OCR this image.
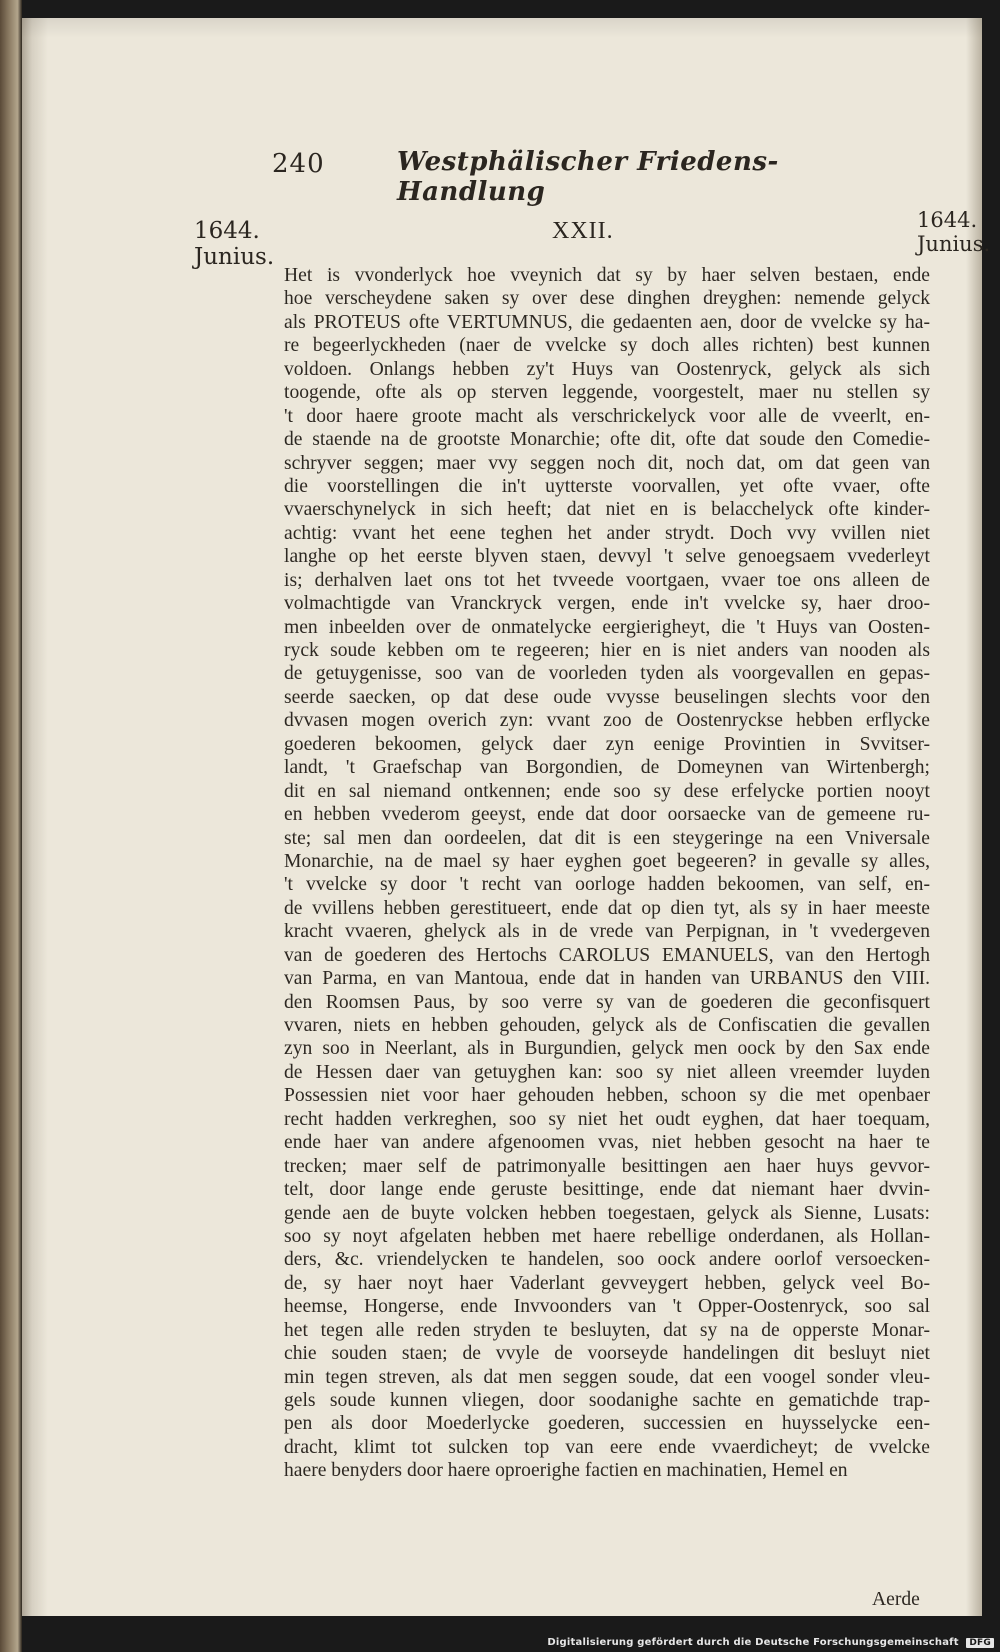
240	Westphälischer Friedens-Handlung
1644.
Junius.
XXII.	1644.
Junius.
Het is vvonderlyck hoe vveynich dat sy by haer selven bestaen, ende
hoe verscheydene saken sy over dese dinghen dreyghen: nemende gelyck
als PROTEUS ofte VERTUMNUS, die gedaenten aen, door de vvelcke sy ha-
re begeerlyckheden (naer de vvelcke sy doch alles richten) best kunnen
voldoen. Onlangs hebben zy't Huys van Oostenryck, gelyck als sich
toogende, ofte als op sterven leggende, voorgestelt, maer nu stellen sy
't door haere groote macht als verschrickelyck voor alle de vveerlt, en-
de staende na de grootste Monarchie; ofte dit, ofte dat soude den Comedie-
schryver seggen; maer vvy seggen noch dit, noch dat, om dat geen van
die voorstellingen die in't uytterste voorvallen, yet ofte vvaer, ofte
vvaerschynelyck in sich heeft; dat niet en is belacchelyck ofte kinder-
achtig: vvant het eene teghen het ander strydt. Doch vvy vvillen niet
langhe op het eerste blyven staen, devvyl 't selve genoegsaem vvederleyt
is; derhalven laet ons tot het tvveede voortgaen, vvaer toe ons alleen de
volmachtigde van Vranckryck vergen, ende in't vvelcke sy, haer droo-
men inbeelden over de onmatelycke eergierigheyt, die 't Huys van Oosten-
ryck soude kebben om te regeeren; hier en is niet anders van nooden als
de getuygenisse, soo van de voorleden tyden als voorgevallen en gepas-
seerde saecken, op dat dese oude vvysse beuselingen slechts voor den
dvvasen mogen overich zyn: vvant zoo de Oostenryckse hebben erflycke
goederen bekoomen, gelyck daer zyn eenige Provintien in Svvitser-
landt, 't Graefschap van Borgondien, de Domeynen van Wirtenbergh;
dit en sal niemand ontkennen; ende soo sy dese erfelycke portien nooyt
en hebben vvederom geeyst, ende dat door oorsaecke van de gemeene ru-
ste; sal men dan oordeelen, dat dit is een steygeringe na een Vniversale
Monarchie, na de mael sy haer eyghen goet begeeren? in gevalle sy alles,
't vvelcke sy door 't recht van oorloge hadden bekoomen, van self, en-
de vvillens hebben gerestitueert, ende dat op dien tyt, als sy in haer meeste
kracht vvaeren, ghelyck als in de vrede van Perpignan, in 't vvedergeven
van de goederen des Hertochs CAROLUS EMANUELS, van den Hertogh
van Parma, en van Mantoua, ende dat in handen van URBANUS den VIII.
den Roomsen Paus, by soo verre sy van de goederen die geconfisquert
vvaren, niets en hebben gehouden, gelyck als de Confiscatien die gevallen
zyn soo in Neerlant, als in Burgundien, gelyck men oock by den Sax ende
de Hessen daer van getuyghen kan: soo sy niet alleen vreemder luyden
Possessien niet voor haer gehouden hebben, schoon sy die met openbaer
recht hadden verkreghen, soo sy niet het oudt eyghen, dat haer toequam,
ende haer van andere afgenoomen vvas, niet hebben gesocht na haer te
trecken; maer self de patrimonyalle besittingen aen haer huys gevvor-
telt, door lange ende geruste besittinge, ende dat niemant haer dvvin-
gende aen de buyte volcken hebben toegestaen, gelyck als Sienne, Lusats:
soo sy noyt afgelaten hebben met haere rebellige onderdanen, als Hollan-
ders, &c. vriendelycken te handelen, soo oock andere oorlof versoecken-
de, sy haer noyt haer Vaderlant gevveygert hebben, gelyck veel Bo-
heemse, Hongerse, ende Invvoonders van 't Opper-Oostenryck, soo sal
het tegen alle reden stryden te besluyten, dat sy na de opperste Monar-
chie souden staen; de vvyle de voorseyde handelingen dit besluyt niet
min tegen streven, als dat men seggen soude, dat een voogel sonder vleu-
gels soude kunnen vliegen, door soodanighe sachte en gematichde trap-
pen als door Moederlycke goederen, successien en huysselycke een-
dracht, klimt tot sulcken top van eere ende vvaerdicheyt; de vvelcke
haere benyders door haere oproerighe factien en machinatien, Hemel en
Aerde
Digitalisierung gefördert durch die Deutsche Forschungsgemeinschaft DFG
